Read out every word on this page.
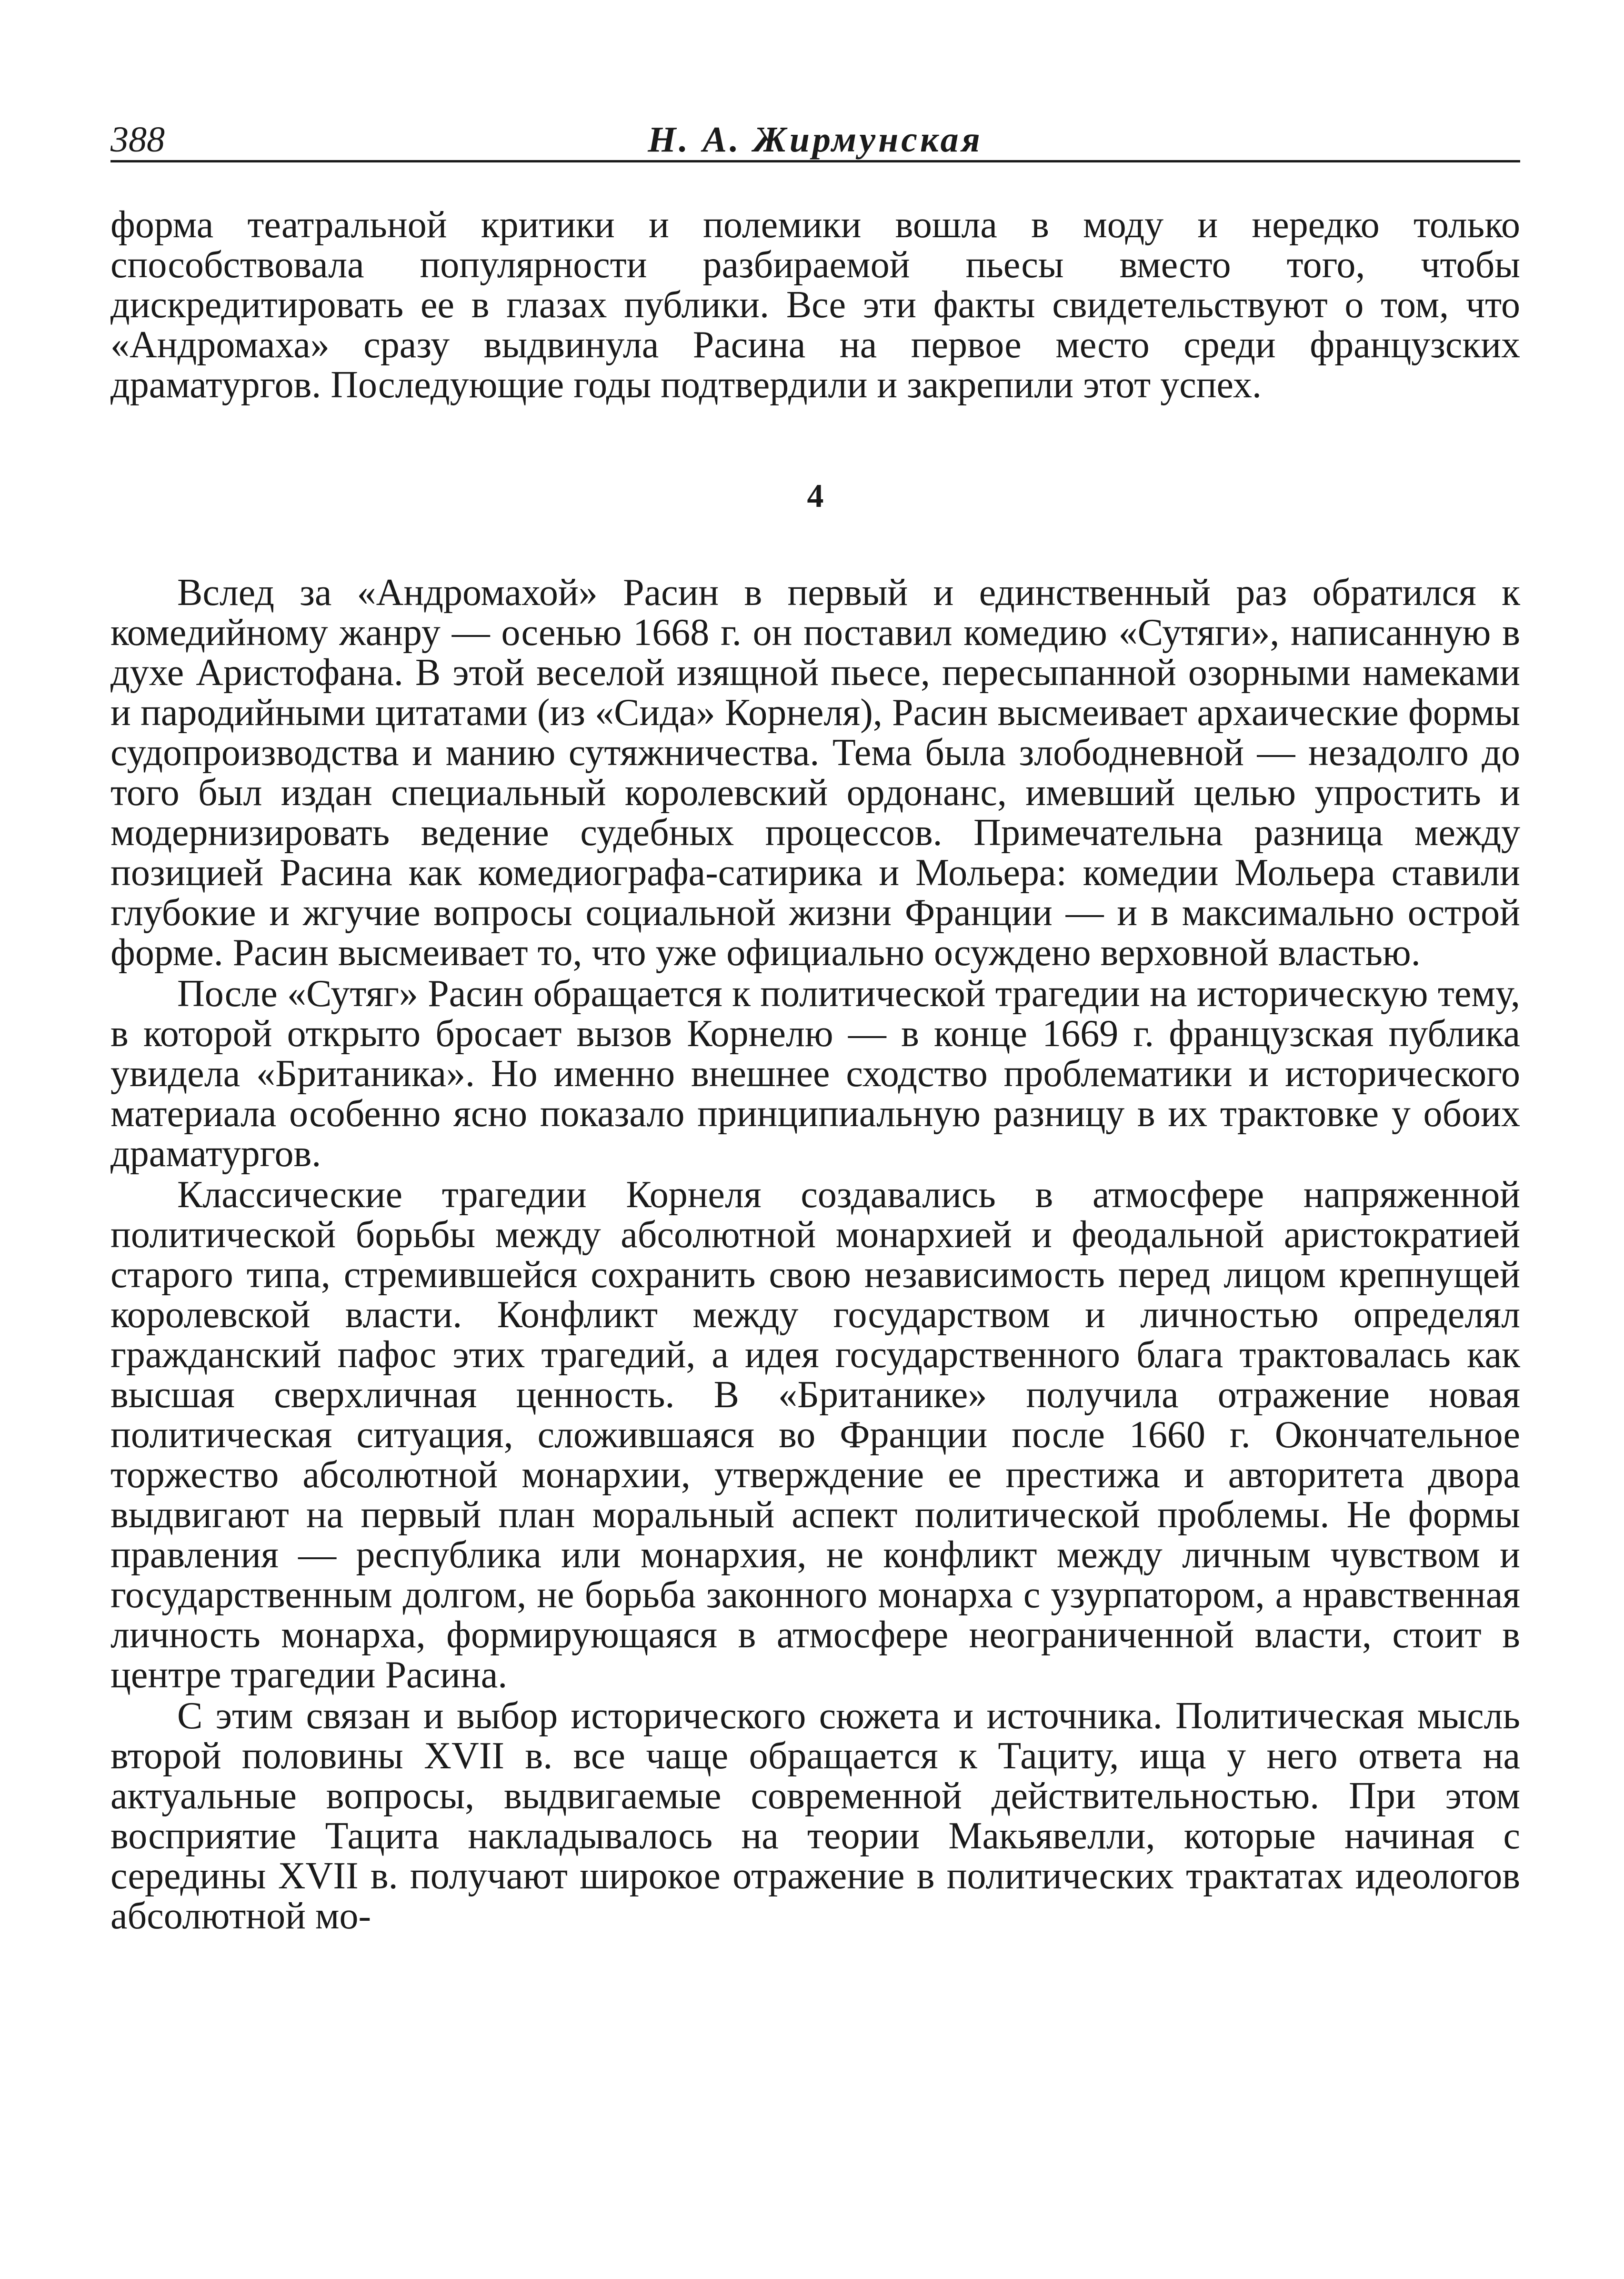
388	Н. А. Жирмунская

форма театральной критики и полемики вошла в моду и нередко только способствовала популярности разбираемой пьесы вместо того, чтобы дискредитировать ее в глазах публики. Все эти факты свидетельствуют о том, что «Андромаха» сразу выдвинула Расина на первое место среди французских драматургов. Последующие годы подтвердили и закрепили этот успех.

4

Вслед за «Андромахой» Расин в первый и единственный раз обратился к комедийному жанру — осенью 1668 г. он поставил комедию «Сутяги», написанную в духе Аристофана. В этой веселой изящной пьесе, пересыпанной озорными намеками и пародийными цитатами (из «Сида» Корнеля), Расин высмеивает архаические формы судопроизводства и манию сутяжничества. Тема была злободневной — незадолго до того был издан специальный королевский ордонанс, имевший целью упростить и модернизировать ведение судебных процессов. Примечательна разница между позицией Расина как комедиографа-сатирика и Мольера: комедии Мольера ставили глубокие и жгучие вопросы социальной жизни Франции — и в максимально острой форме. Расин высмеивает то, что уже официально осуждено верховной властью.

После «Сутяг» Расин обращается к политической трагедии на историческую тему, в которой открыто бросает вызов Корнелю — в конце 1669 г. французская публика увидела «Британика». Но именно внешнее сходство проблематики и исторического материала особенно ясно показало принципиальную разницу в их трактовке у обоих драматургов.

Классические трагедии Корнеля создавались в атмосфере напряженной политической борьбы между абсолютной монархией и феодальной аристократией старого типа, стремившейся сохранить свою независимость перед лицом крепнущей королевской власти. Конфликт между государством и личностью определял гражданский пафос этих трагедий, а идея государственного блага трактовалась как высшая сверхличная ценность. В «Британике» получила отражение новая политическая ситуация, сложившаяся во Франции после 1660 г. Окончательное торжество абсолютной монархии, утверждение ее престижа и авторитета двора выдвигают на первый план моральный аспект политической проблемы. Не формы правления — республика или монархия, не конфликт между личным чувством и государственным долгом, не борьба законного монарха с узурпатором, а нравственная личность монарха, формирующаяся в атмосфере неограниченной власти, стоит в центре трагедии Расина.

С этим связан и выбор исторического сюжета и источника. Политическая мысль второй половины XVII в. все чаще обращается к Тациту, ища у него ответа на актуальные вопросы, выдвигаемые современной действительностью. При этом восприятие Тацита накладывалось на теории Макьявелли, которые начиная с середины XVII в. получают широкое отражение в политических трактатах идеологов абсолютной мо-
